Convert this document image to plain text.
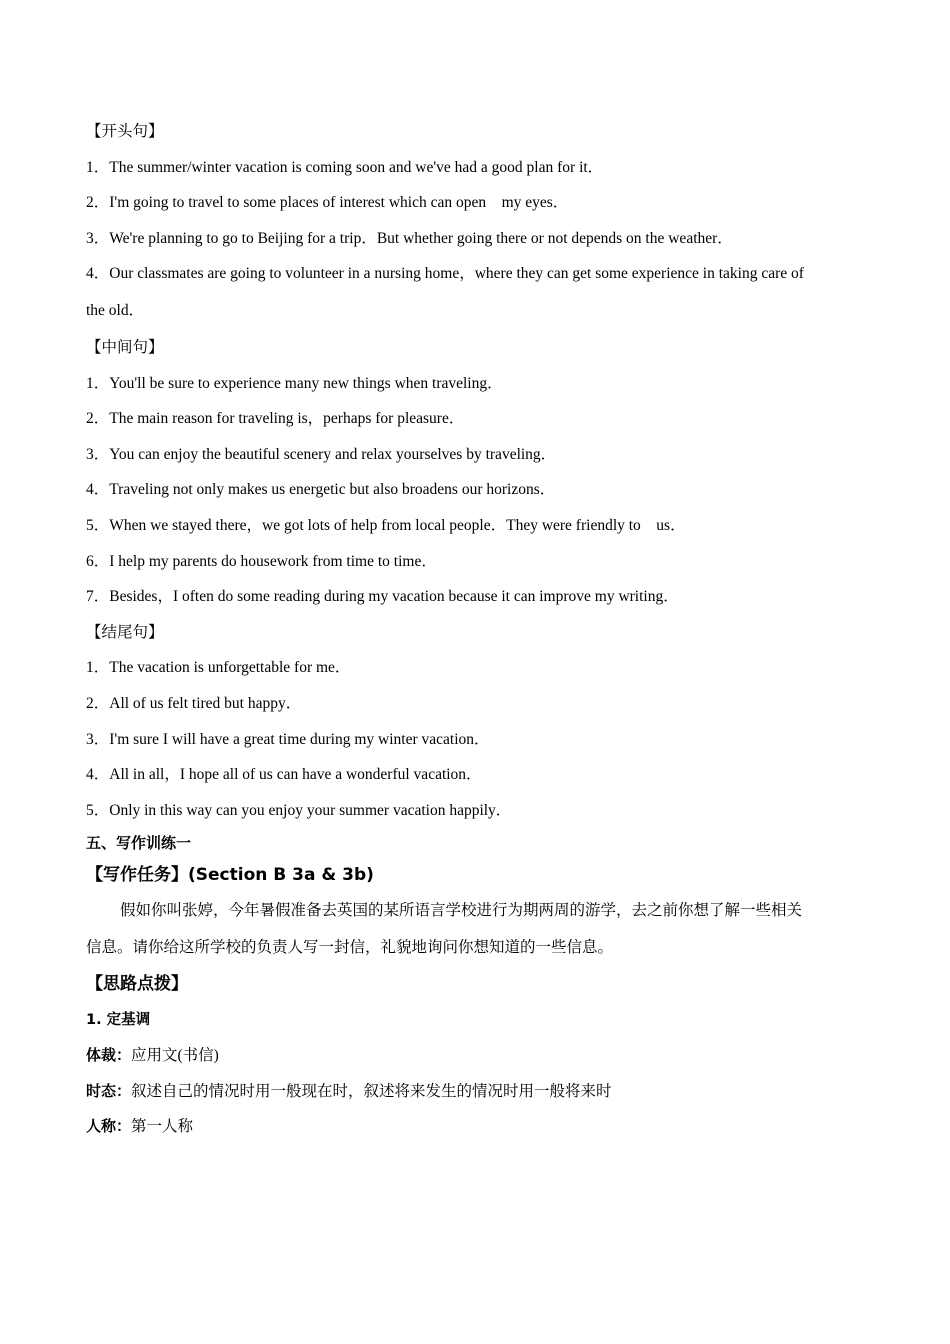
【开头句】
1．The summer/winter vacation is coming soon and we've had a good plan for it．
2．I'm going to travel to some places of interest which can open    my eyes．
3．We're planning to go to Beijing for a trip．But whether going there or not depends on the weather．
4．Our classmates are going to volunteer in a nursing home，where they can get some experience in taking care of
the old．
【中间句】
1．You'll be sure to experience many new things when traveling．
2．The main reason for traveling is，perhaps for pleasure．
3．You can enjoy the beautiful scenery and relax yourselves by traveling．
4．Traveling not only makes us energetic but also broadens our horizons．
5．When we stayed there，we got lots of help from local people．They were friendly to    us．
6．I help my parents do housework from time to time．
7．Besides，I often do some reading during my vacation because it can improve my writing．
【结尾句】
1．The vacation is unforgettable for me．
2．All of us felt tired but happy．
3．I'm sure I will have a great time during my winter vacation．
4．All in all，I hope all of us can have a wonderful vacation．
5．Only in this way can you enjoy your summer vacation happily．
五、写作训练一
【写作任务】(Section B 3a & 3b)
假如你叫张婷，今年暑假准备去英国的某所语言学校进行为期两周的游学，去之前你想了解一些相关
信息。请你给这所学校的负责人写一封信，礼貌地询问你想知道的一些信息。
【思路点拨】
1. 定基调
体裁：应用文(书信)
时态：叙述自己的情况时用一般现在时，叙述将来发生的情况时用一般将来时
人称：第一人称
